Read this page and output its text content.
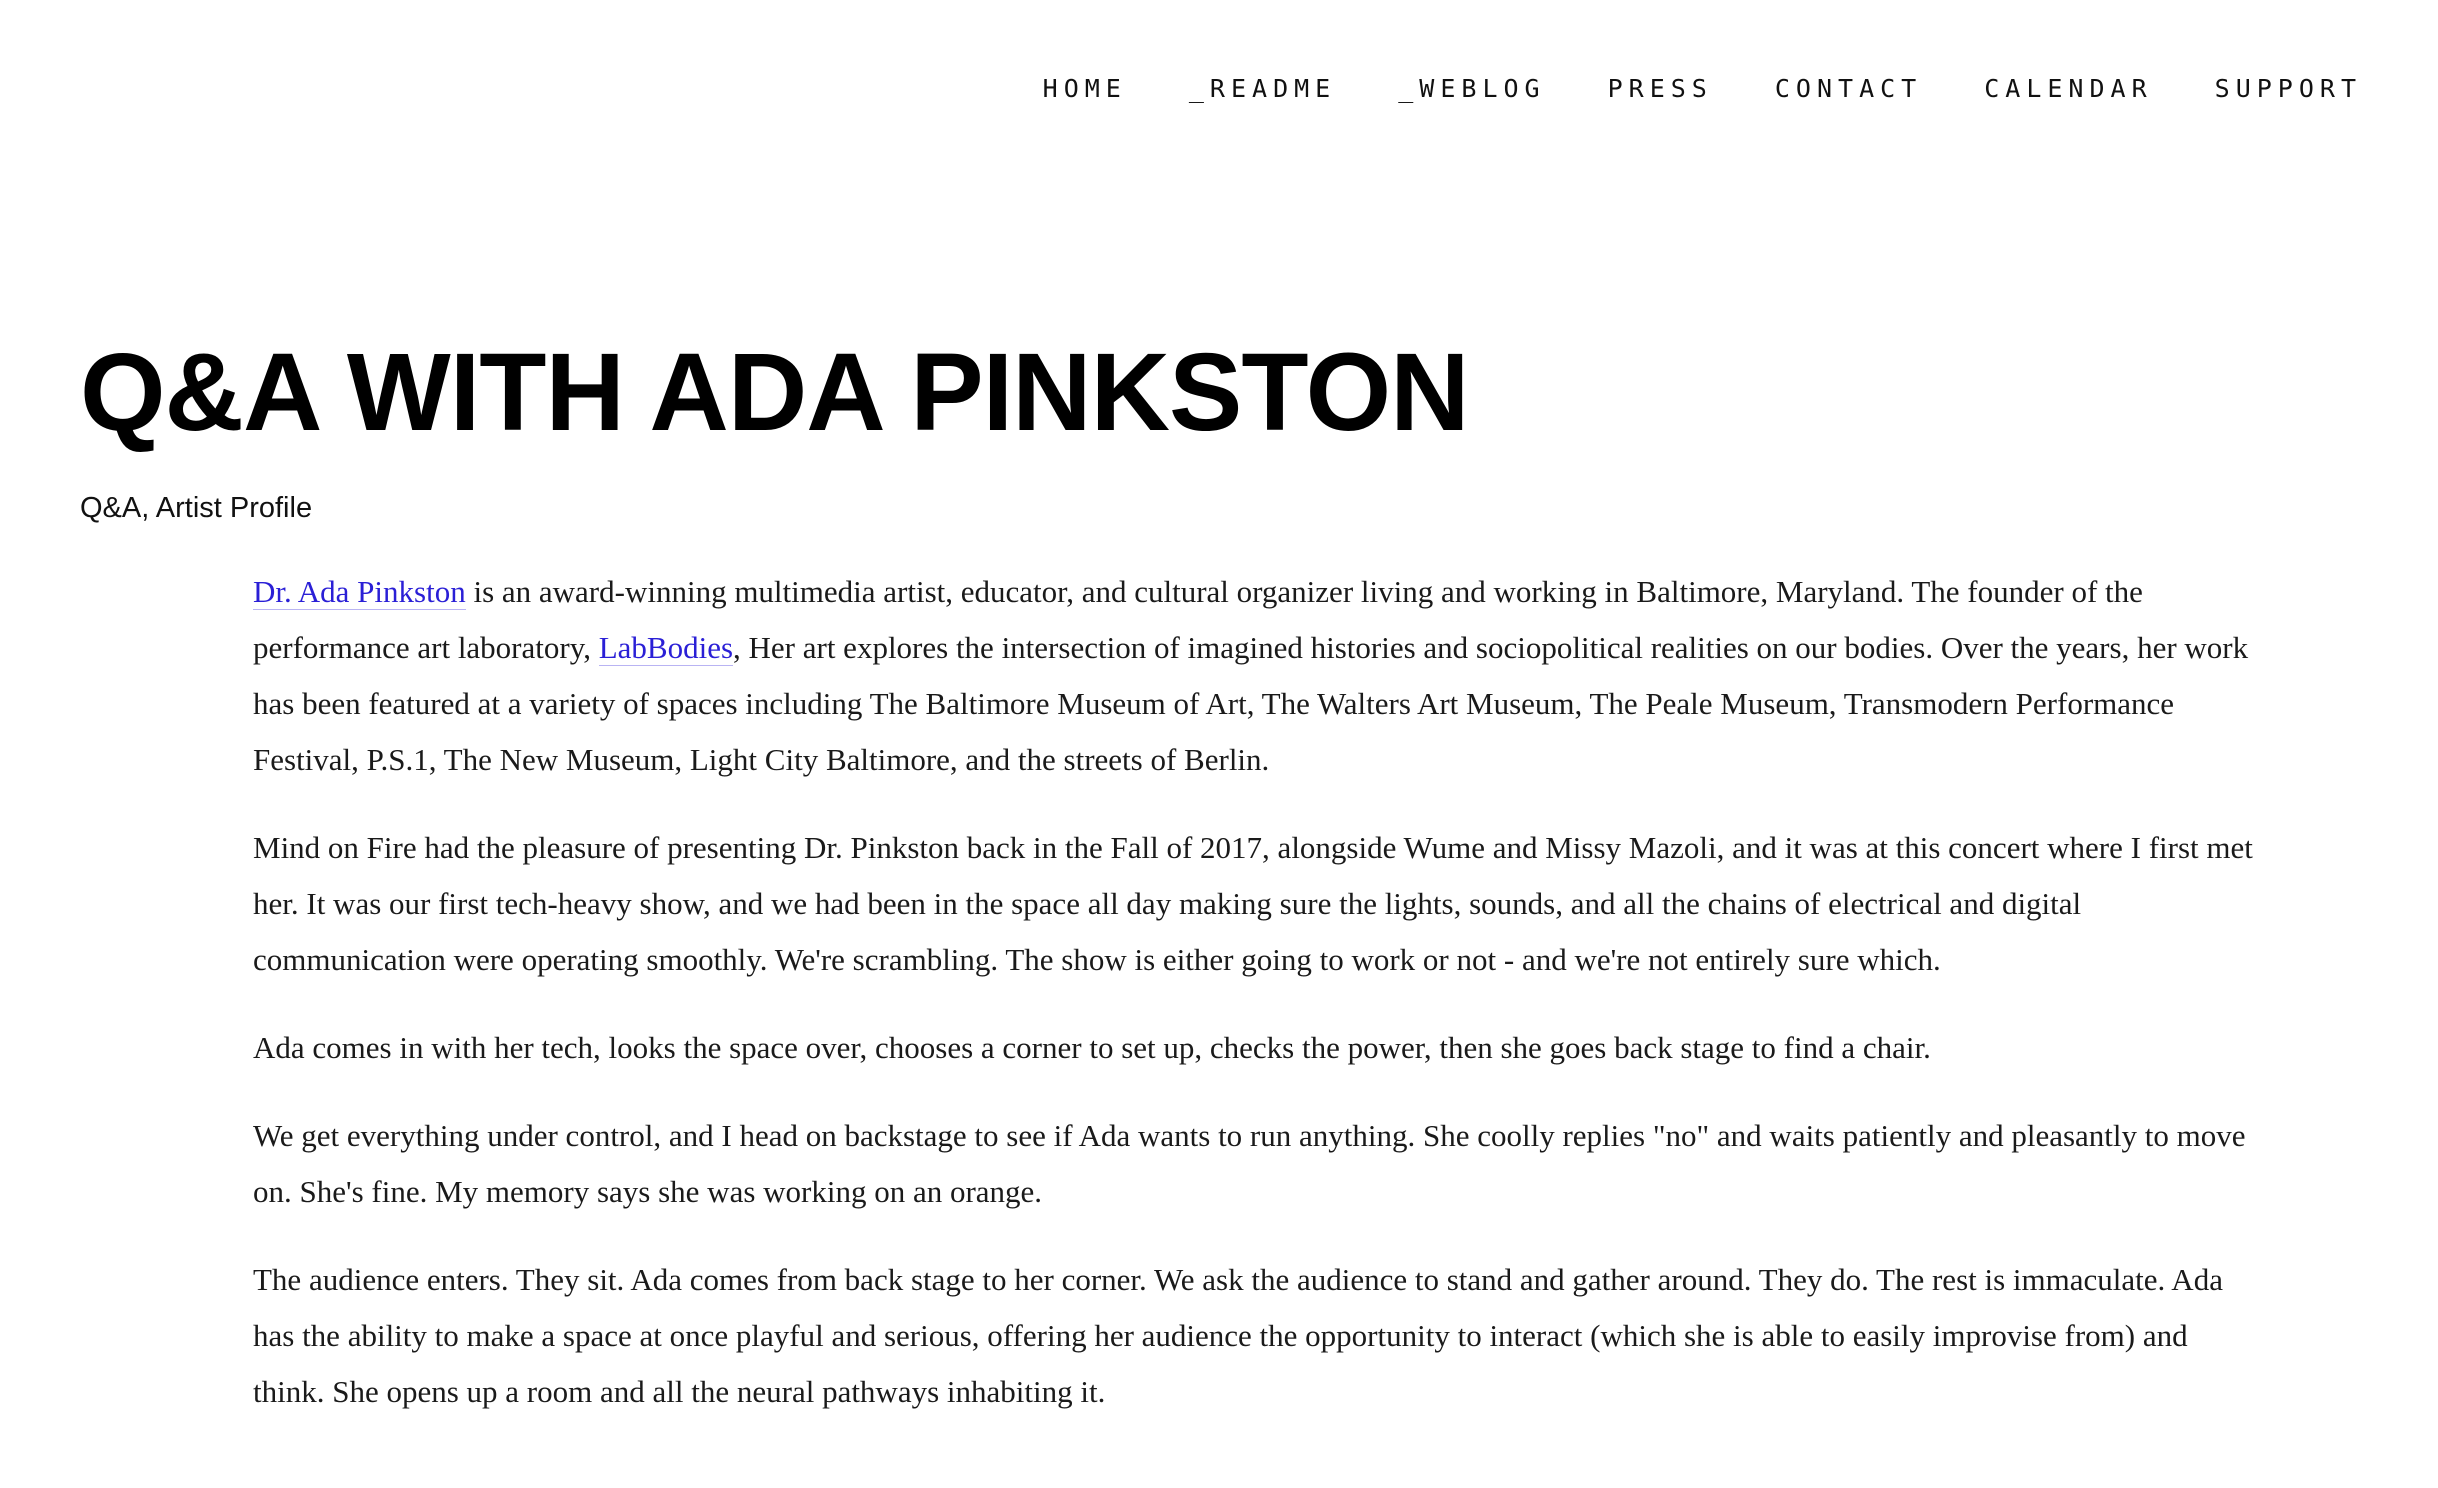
HOME _README _WEBLOG PRESS CONTACT CALENDAR SUPPORT
Q&A WITH ADA PINKSTON
Q&A, Artist Profile

Dr. Ada Pinkston is an award-winning multimedia artist, educator, and cultural organizer living and working in Baltimore, Maryland. The founder of the performance art laboratory, LabBodies, Her art explores the intersection of imagined histories and sociopolitical realities on our bodies. Over the years, her work has been featured at a variety of spaces including The Baltimore Museum of Art, The Walters Art Museum, The Peale Museum, Transmodern Performance Festival, P.S.1, The New Museum, Light City Baltimore, and the streets of Berlin.

Mind on Fire had the pleasure of presenting Dr. Pinkston back in the Fall of 2017, alongside Wume and Missy Mazoli, and it was at this concert where I first met her. It was our first tech-heavy show, and we had been in the space all day making sure the lights, sounds, and all the chains of electrical and digital communication were operating smoothly. We're scrambling. The show is either going to work or not - and we're not entirely sure which.

Ada comes in with her tech, looks the space over, chooses a corner to set up, checks the power, then she goes back stage to find a chair.

We get everything under control, and I head on backstage to see if Ada wants to run anything. She coolly replies "no" and waits patiently and pleasantly to move on. She's fine. My memory says she was working on an orange.

The audience enters. They sit. Ada comes from back stage to her corner. We ask the audience to stand and gather around. They do. The rest is immaculate. Ada has the ability to make a space at once playful and serious, offering her audience the opportunity to interact (which she is able to easily improvise from) and think. She opens up a room and all the neural pathways inhabiting it.
